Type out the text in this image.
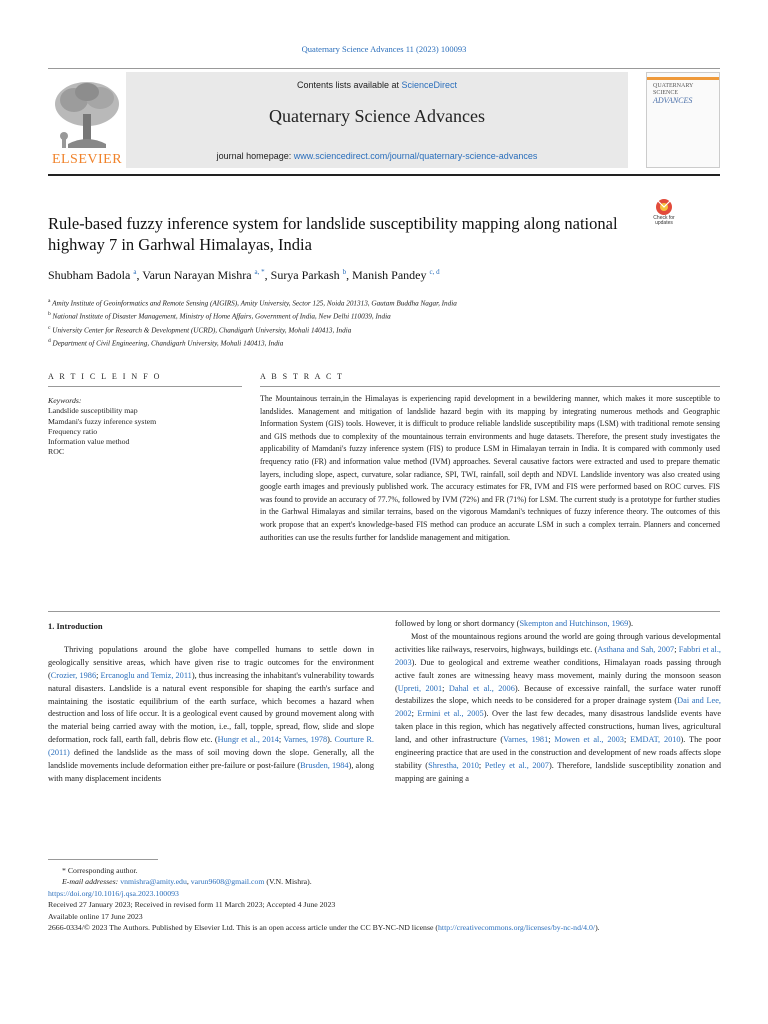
Quaternary Science Advances 11 (2023) 100093
ELSEVIER
Contents lists available at ScienceDirect
Quaternary Science Advances
journal homepage: www.sciencedirect.com/journal/quaternary-science-advances
QUATERNARY SCIENCE
ADVANCES
Check for updates
Rule-based fuzzy inference system for landslide susceptibility mapping along national highway 7 in Garhwal Himalayas, India
Shubham Badola $^a$, Varun Narayan Mishra $^{a, *}$, Surya Parkash $^b$, Manish Pandey $^{c, d}$
$^a$ Amity Institute of Geoinformatics and Remote Sensing (AIGIRS), Amity University, Sector 125, Noida 201313, Gautam Buddha Nagar, India
$^b$ National Institute of Disaster Management, Ministry of Home Affairs, Government of India, New Delhi 110039, India
$^c$ University Center for Research & Development (UCRD), Chandigarh University, Mohali 140413, India
$^d$ Department of Civil Engineering, Chandigarh University, Mohali 140413, India
A R T I C L E I N F O	A B S T R A C T
Keywords:
Landslide susceptibility map
Mamdani's fuzzy inference system
Frequency ratio
Information value method
ROC
The Mountainous terrain,in the Himalayas is experiencing rapid development in a bewildering manner, which makes it more susceptible to landslides. Management and mitigation of landslide hazard begin with its mapping by integrating numerous methods and Geographic Information System (GIS) tools. However, it is difficult to produce reliable landslide susceptibility maps (LSM) with traditional remote sensing and GIS methods due to complexity of the mountainous terrain environments and huge datasets. Therefore, the present study investigates the applicability of Mamdani's fuzzy inference system (FIS) to produce LSM in Himalayan terrain in India. It is compared with commonly used frequency ratio (FR) and information value method (IVM) approaches. Several causative factors were extracted and used to prepare thematic layers, including slope, aspect, curvature, solar radiance, SPI, TWI, rainfall, soil depth and NDVI. Landslide inventory was also created using google earth images and previously published work. The accuracy estimates for FR, IVM and FIS were performed based on ROC curves. FIS was found to provide an accuracy of 77.7%, followed by IVM (72%) and FR (71%) for LSM. The current study is a prototype for further studies in the Garhwal Himalayas and similar terrains, based on the vigorous Mamdani's techniques of fuzzy inference theory. The outcomes of this work propose that an expert's knowledge-based FIS method can produce an accurate LSM in such a complex terrain. Planners and concerned authorities can use the results further for landslide management and mitigation.
1. Introduction

Thriving populations around the globe have compelled humans to settle down in geologically sensitive areas, which have given rise to tragic outcomes for the environment (Crozier, 1986; Ercanoglu and Temiz, 2011), thus increasing the inhabitant's vulnerability towards natural disasters. Landslide is a natural event responsible for shaping the earth's surface and maintaining the isostatic equilibrium of the earth surface, which becomes a hazard when destruction and loss of life occur. It is a geological event caused by ground movement along with the material being carried away with the motion, i.e., fall, topple, spread, flow, slide and slope deformation, rock fall, earth fall, debris flow etc. (Hungr et al., 2014; Varnes, 1978). Courture R. (2011) defined the landslide as the mass of soil moving down the slope. Generally, all the landslide movements include deformation either pre-failure or post-failure (Brusden, 1984), along with many displacement incidents

followed by long or short dormancy (Skempton and Hutchinson, 1969).

Most of the mountainous regions around the world are going through various developmental activities like railways, reservoirs, highways, buildings etc. (Asthana and Sah, 2007; Fabbri et al., 2003). Due to geological and extreme weather conditions, Himalayan roads passing through active fault zones are witnessing heavy mass movement, mainly during the monsoon season (Upreti, 2001; Dahal et al., 2006). Because of excessive rainfall, the surface water runoff destabilizes the slope, which needs to be considered for a proper drainage system (Dai and Lee, 2002; Ermini et al., 2005). Over the last few decades, many disastrous landslide events have taken place in this region, which has negatively affected constructions, human lives, agricultural land, and other infrastructure (Varnes, 1981; Mowen et al., 2003; EMDAT, 2010). The poor engineering practice that are used in the construction and development of new roads affects slope stability (Shrestha, 2010; Petley et al., 2007). Therefore, landslide susceptibility zonation and mapping are gaining a

* Corresponding author.
E-mail addresses: vnmishra@amity.edu, varun9608@gmail.com (V.N. Mishra).
https://doi.org/10.1016/j.qsa.2023.100093
Received 27 January 2023; Received in revised form 11 March 2023; Accepted 4 June 2023
Available online 17 June 2023
2666-0334/© 2023 The Authors. Published by Elsevier Ltd. This is an open access article under the CC BY-NC-ND license (http://creativecommons.org/licenses/by-nc-nd/4.0/).
